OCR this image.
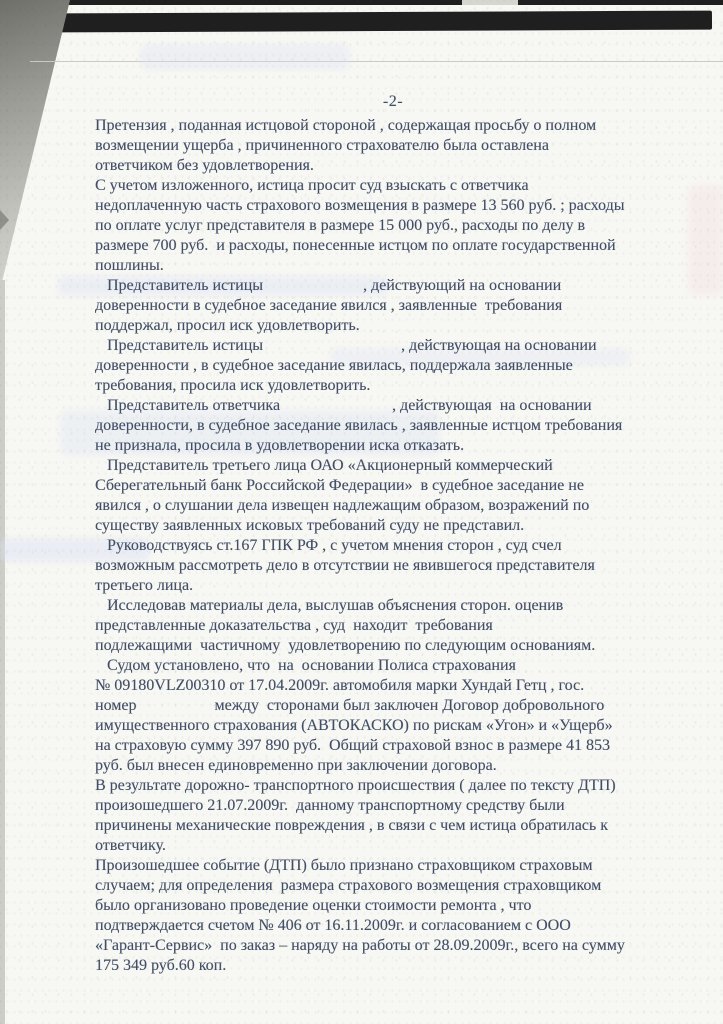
-2-

Претензия , поданная истцовой стороной , содержащая просьбу о полном
возмещении ущерба , причиненного страхователю была оставлена
ответчиком без удовлетворения.

С учетом изложенного, истица просит суд взыскать с ответчика
недоплаченную часть страхового возмещения в размере 13 560 руб. ; расходы
по оплате услуг представителя в размере 15 000 руб., расходы по делу в
размере 700 руб.  и расходы, понесенные истцом по оплате государственной
пошлины.

Представитель истицы	, действующий на основании
доверенности в судебное заседание явился , заявленные  требования
поддержал, просил иск удовлетворить.

Представитель истицы	, действующая на основании
доверенности , в судебное заседание явилась, поддержала заявленные
требования, просила иск удовлетворить.

Представитель ответчика	, действующая  на основании
доверенности, в судебное заседание явилась , заявленные истцом требования
не признала, просила в удовлетворении иска отказать.

Представитель третьего лица ОАО «Акционерный коммерческий
Сберегательный банк Российской Федерации»  в судебное заседание не
явился , о слушании дела извещен надлежащим образом, возражений по
существу заявленных исковых требований суду не представил.

Руководствуясь ст.167 ГПК РФ , с учетом мнения сторон , суд счел
возможным рассмотреть дело в отсутствии не явившегося представителя
третьего лица.

Исследовав материалы дела, выслушав объяснения сторон. оценив
представленные доказательства , суд  находит  требования
подлежащими  частичному  удовлетворению по следующим основаниям.

Судом установлено, что  на  основании Полиса страхования
№ 09180VLZ00310 от 17.04.2009г. автомобиля марки Хундай Гетц , гос.
номер	между  сторонами был заключен Договор добровольного
имущественного страхования (АВТОКАСКО) по рискам «Угон» и «Ущерб»
на страховую сумму 397 890 руб.  Общий страховой взнос в размере 41 853
руб. был внесен единовременно при заключении договора.

В результате дорожно- транспортного происшествия ( далее по тексту ДТП)
произошедшего 21.07.2009г.  данному транспортному средству были
причинены механические повреждения , в связи с чем истица обратилась к
ответчику.

Произошедшее событие (ДТП) было признано страховщиком страховым
случаем; для определения  размера страхового возмещения страховщиком
было организовано проведение оценки стоимости ремонта , что
подтверждается счетом № 406 от 16.11.2009г. и согласованием с ООО
«Гарант-Сервис»  по заказ – наряду на работы от 28.09.2009г., всего на сумму
175 349 руб.60 коп.
